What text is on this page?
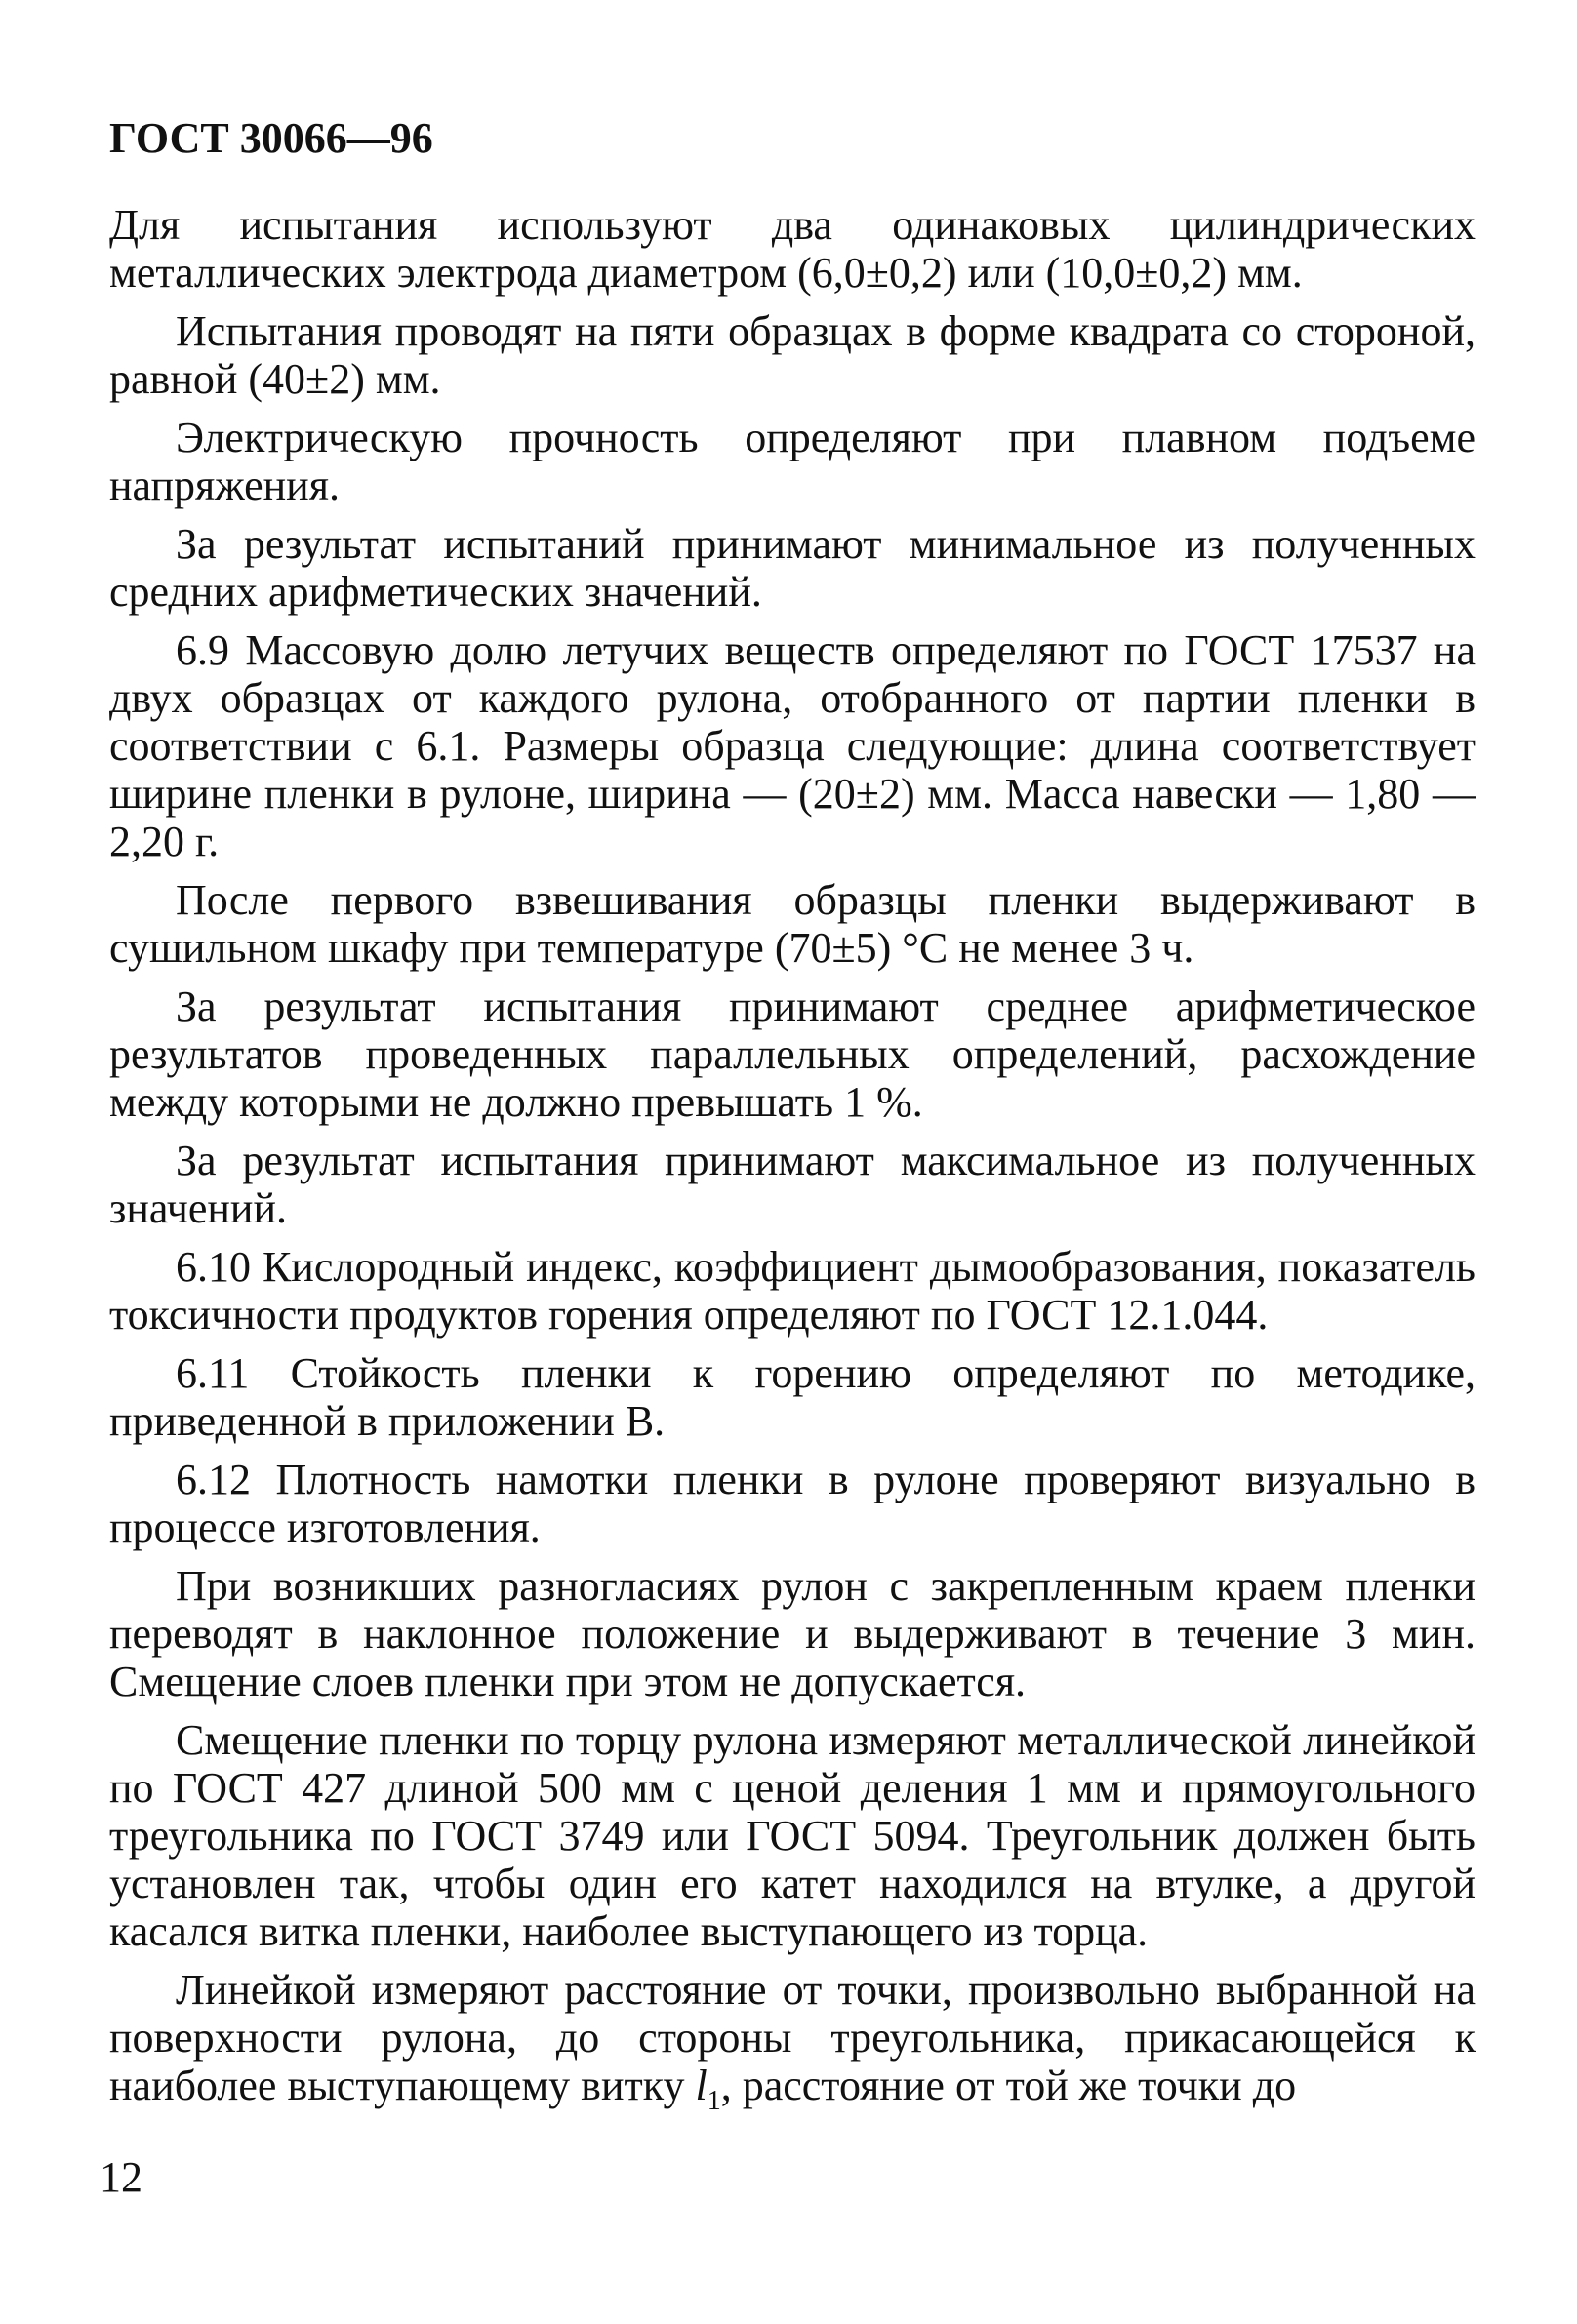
ГОСТ 30066—96

Для испытания используют два одинаковых цилиндрических металлических электрода диаметром (6,0±0,2) или (10,0±0,2) мм.

Испытания проводят на пяти образцах в форме квадрата со стороной, равной (40±2) мм.

Электрическую прочность определяют при плавном подъеме напряжения.

За результат испытаний принимают минимальное из полученных средних арифметических значений.

6.9 Массовую долю летучих веществ определяют по ГОСТ 17537 на двух образцах от каждого рулона, отобранного от партии пленки в соответствии с 6.1. Размеры образца следующие: длина соответствует ширине пленки в рулоне, ширина — (20±2) мм. Масса навески — 1,80 — 2,20 г.

После первого взвешивания образцы пленки выдерживают в сушильном шкафу при температуре (70±5) °С не менее 3 ч.

За результат испытания принимают среднее арифметическое результатов проведенных параллельных определений, расхождение между которыми не должно превышать 1 %.

За результат испытания принимают максимальное из полученных значений.

6.10 Кислородный индекс, коэффициент дымообразования, показатель токсичности продуктов горения определяют по ГОСТ 12.1.044.

6.11 Стойкость пленки к горению определяют по методике, приведенной в приложении В.

6.12 Плотность намотки пленки в рулоне проверяют визуально в процессе изготовления.

При возникших разногласиях рулон с закрепленным краем пленки переводят в наклонное положение и выдерживают в течение 3 мин. Смещение слоев пленки при этом не допускается.

Смещение пленки по торцу рулона измеряют металлической линейкой по ГОСТ 427 длиной 500 мм с ценой деления 1 мм и прямоугольного треугольника по ГОСТ 3749 или ГОСТ 5094. Треугольник должен быть установлен так, чтобы один его катет находился на втулке, а другой касался витка пленки, наиболее выступающего из торца.

Линейкой измеряют расстояние от точки, произвольно выбранной на поверхности рулона, до стороны треугольника, прикасающейся к наиболее выступающему витку $l_1$, расстояние от той же точки до

12
